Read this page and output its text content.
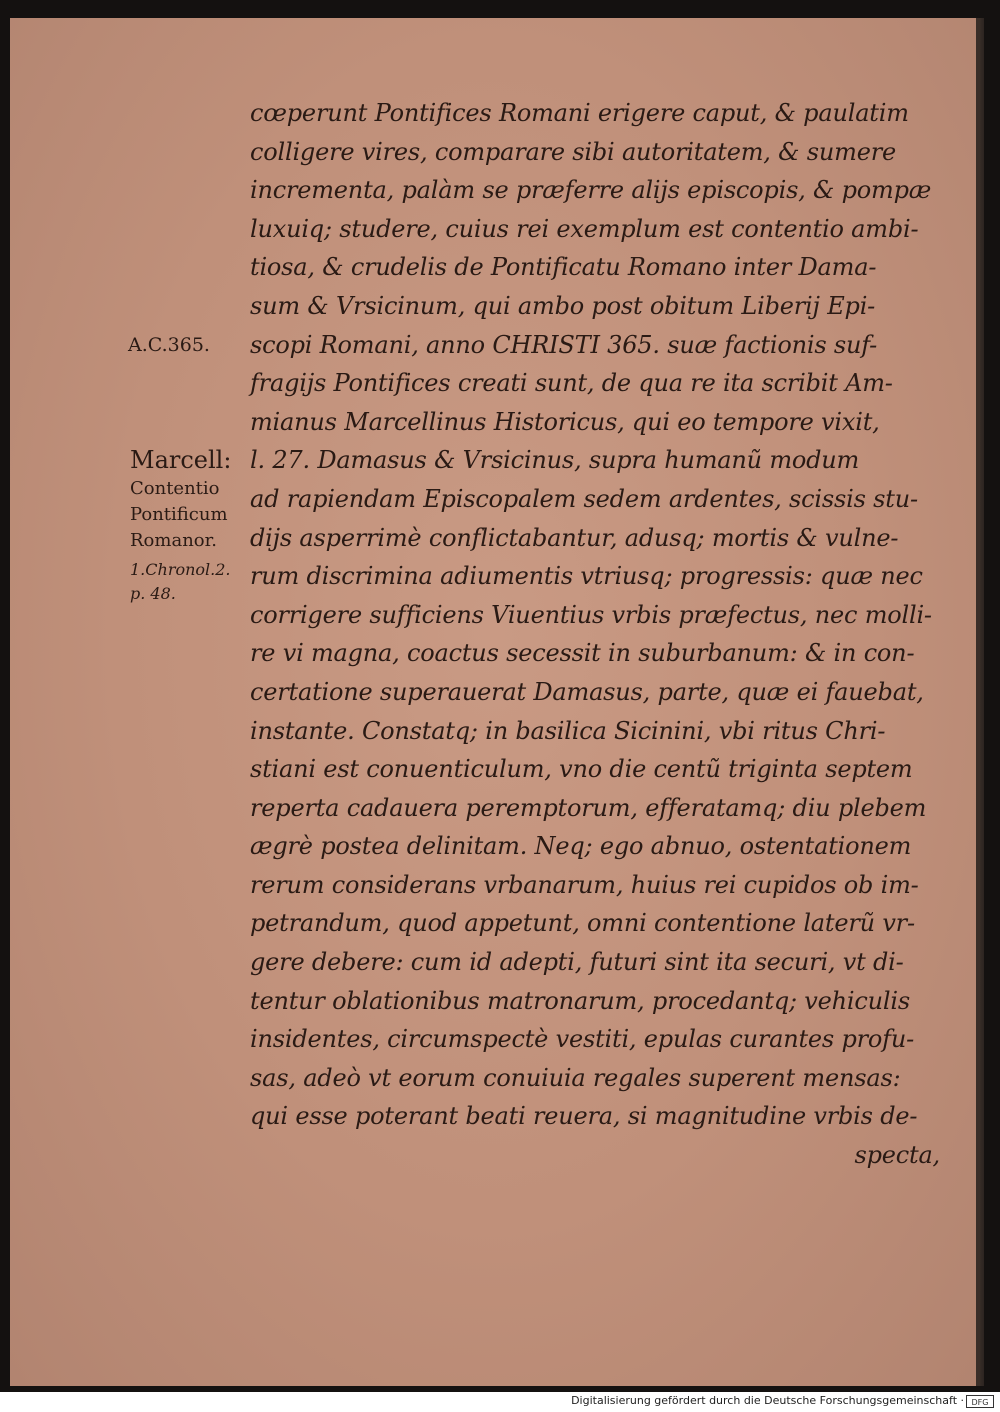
A.C.365.
Marcell:
Contentio
Pontificum
Romanor.
1.Chronol.2.
p. 48.
cœperunt Pontifices Romani erigere caput, & paulatim
colligere vires, comparare sibi autoritatem, & sumere
incrementa, palàm se præferre alijs episcopis, & pompæ
luxuiq; studere, cuius rei exemplum est contentio ambi-
tiosa, & crudelis de Pontificatu Romano inter Dama-
sum & Vrsicinum, qui ambo post obitum Liberij Epi-
scopi Romani, anno CHRISTI 365. suæ factionis suf-
fragijs Pontifices creati sunt, de qua re ita scribit Am-
mianus Marcellinus Historicus, qui eo tempore vixit,
l. 27. Damasus & Vrsicinus, supra humanũ modum
ad rapiendam Episcopalem sedem ardentes, scissis stu-
dijs asperrimè conflictabantur, adusq; mortis & vulne-
rum discrimina adiumentis vtriusq; progressis: quæ nec
corrigere sufficiens Viuentius vrbis præfectus, nec molli-
re vi magna, coactus secessit in suburbanum: & in con-
certatione superauerat Damasus, parte, quæ ei fauebat,
instante. Constatq; in basilica Sicinini, vbi ritus Chri-
stiani est conuenticulum, vno die centũ triginta septem
reperta cadauera peremptorum, efferatamq; diu plebem
ægrè postea delinitam. Neq; ego abnuo, ostentationem
rerum considerans vrbanarum, huius rei cupidos ob im-
petrandum, quod appetunt, omni contentione laterũ vr-
gere debere: cum id adepti, futuri sint ita securi, vt di-
tentur oblationibus matronarum, procedantq; vehiculis
insidentes, circumspectè vestiti, epulas curantes profu-
sas, adeò vt eorum conuiuia regales superent mensas:
qui esse poterant beati reuera, si magnitudine vrbis de-
specta,
Digitalisierung gefördert durch die Deutsche Forschungsgemeinschaft · DFG
